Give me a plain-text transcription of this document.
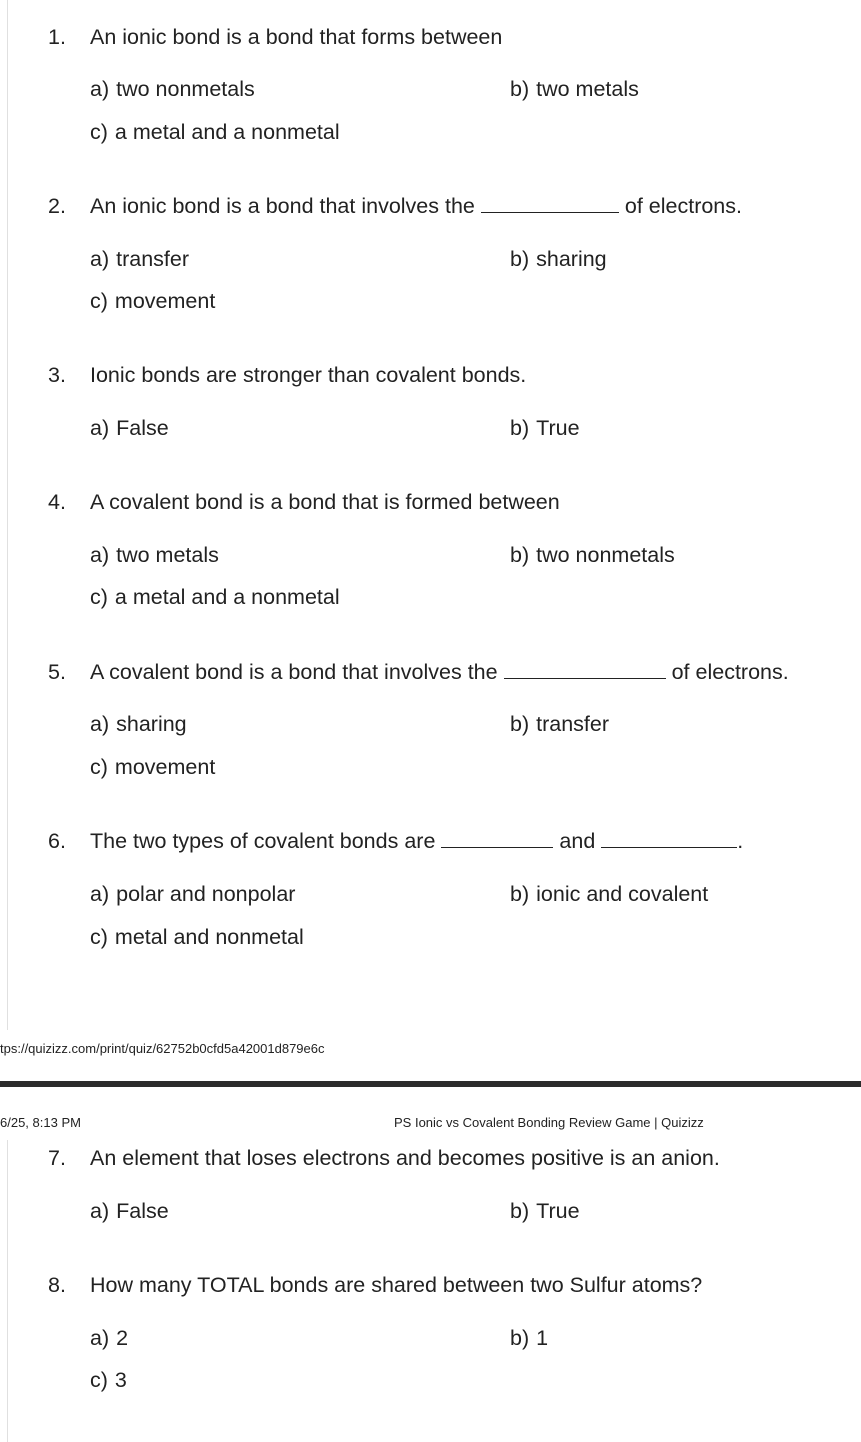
1. An ionic bond is a bond that forms between
a) two nonmetals	b) two metals
c) a metal and a nonmetal
2. An ionic bond is a bond that involves the	of electrons.
a) transfer	b) sharing
c) movement
3. Ionic bonds are stronger than covalent bonds.
a) False	b) True
4. A covalent bond is a bond that is formed between
a) two metals	b) two nonmetals
c) a metal and a nonmetal
5. A covalent bond is a bond that involves the	of electrons.
a) sharing	b) transfer
c) movement
6. The two types of covalent bonds are	and	.
a) polar and nonpolar	b) ionic and covalent
c) metal and nonmetal
tps://quizizz.com/print/quiz/62752b0cfd5a42001d879e6c
6/25, 8:13 PM	PS Ionic vs Covalent Bonding Review Game | Quizizz
7. An element that loses electrons and becomes positive is an anion.
a) False	b) True
8. How many TOTAL bonds are shared between two Sulfur atoms?
a) 2	b) 1
c) 3
